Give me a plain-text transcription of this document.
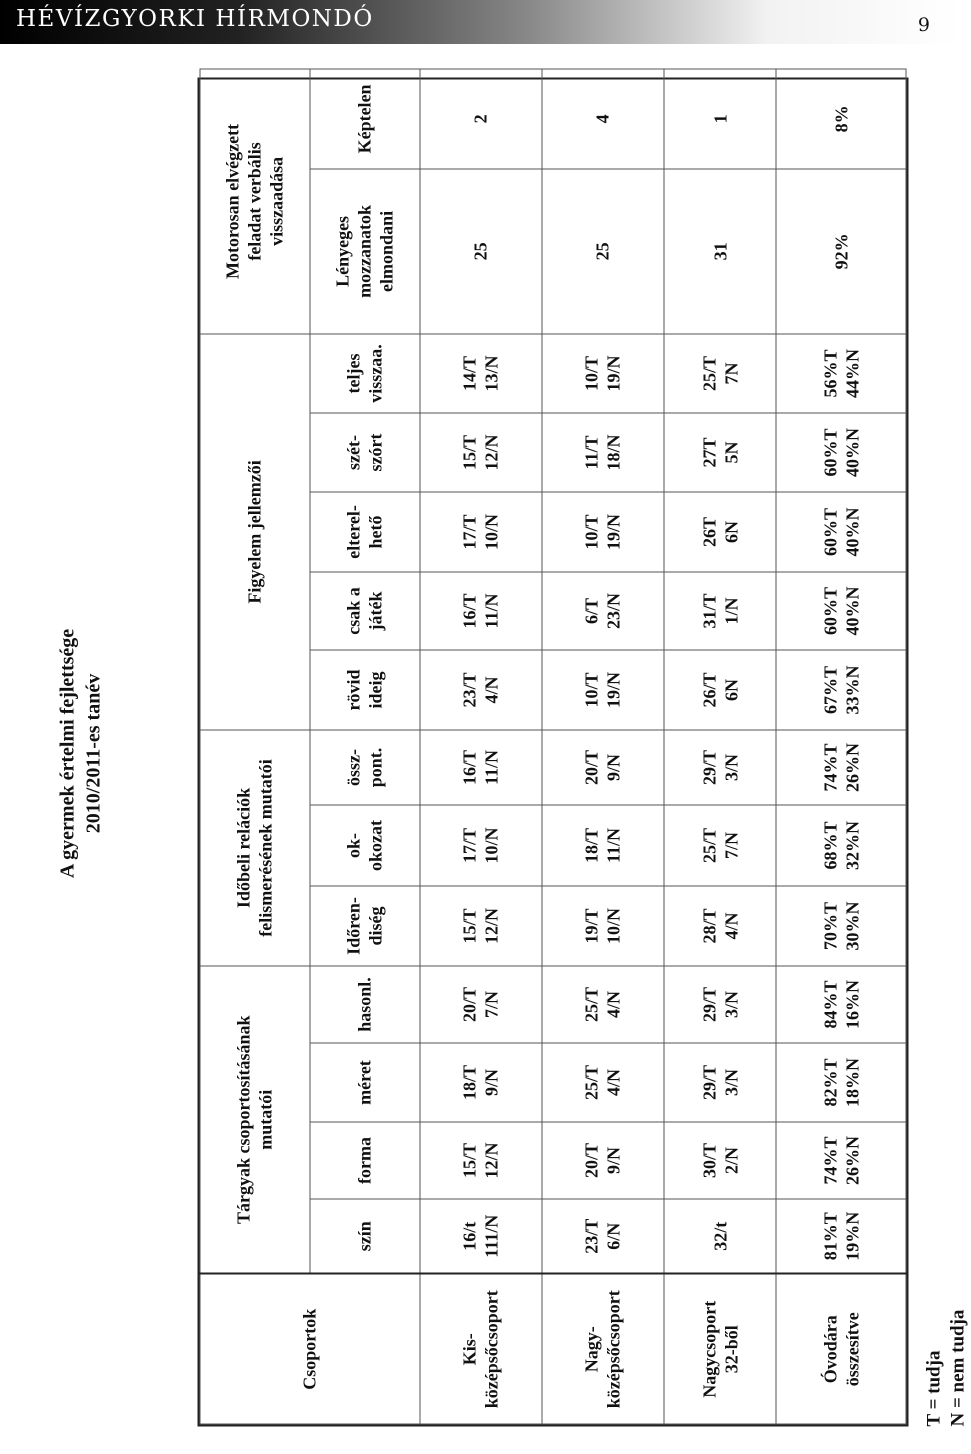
HÉVÍZGYORKI HÍRMONDÓ	9
A gyermek értelmi fejlettsége 2010/2011-es tanév
Csoportok	Tárgyak csoportosításának mutatói				Időbeli relációk felismerésének mutatói			Figyelem jellemzői					Motorosan elvégzett feladat verbális visszaadása	

	szín	forma	méret	hasonl.	Időren- diség	ok- okozat	össz- pont.	rövid ideig	csak a játék	elterel- hető	szét- szórt	teljes visszaa.	Lényeges mozzanatok elmondani	Képtelen

Kis- középsőcsoport	16/t 111/N	15/T 12/N	18/T 9/N	20/T 7/N	15/T 12/N	17/T 10/N	16/T 11/N	23/T 4/N	16/T 11/N	17/T 10/N	15/T 12/N	14/T 13/N	25	2

Nagy- középsőcsoport	23/T 6/N	20/T 9/N	25/T 4/N	25/T 4/N	19/T 10/N	18/T 11/N	20/T 9/N	10/T 19/N	6/T 23/N	10/T 19/N	11/T 18/N	10/T 19/N	25	4

Nagycsoport 32-ből	32/t	30/T 2/N	29/T 3/N	29/T 3/N	28/T 4/N	25/T 7/N	29/T 3/N	26/T 6N	31/T 1/N	26T 6N	27T 5N	25/T 7N	31	1

Óvodára összesítve	81%T 19%N	74%T 26%N	82%T 18%N	84%T 16%N	70%T 30%N	68%T 32%N	74%T 26%N	67%T 33%N	60%T 40%N	60%T 40%N	60%T 40%N	56%T 44%N	92%	8%
T = tudja N = nem tudja
